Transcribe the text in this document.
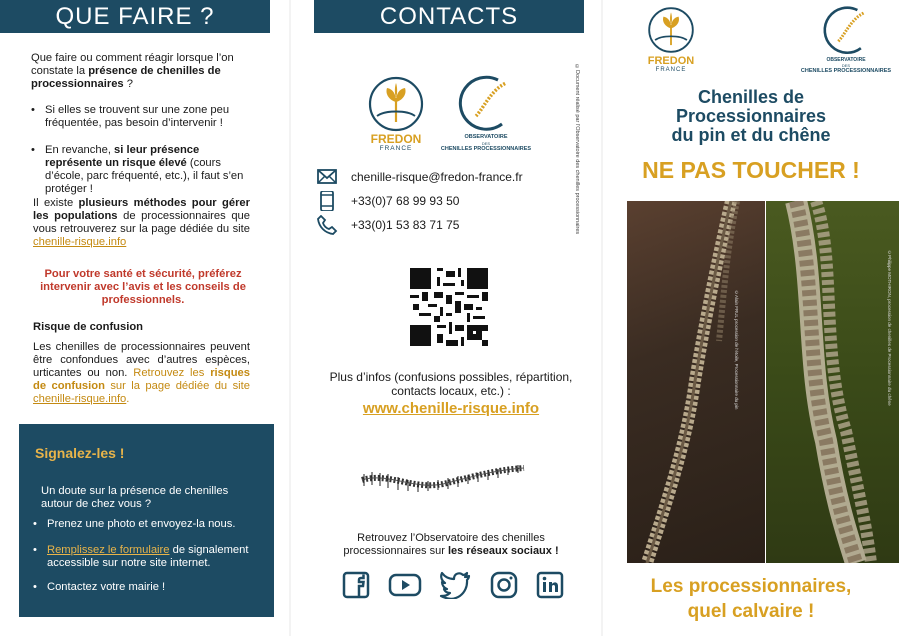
QUE FAIRE ?
Que faire ou comment réagir lorsque l’on constate la présence de chenilles de processionnaires ?
• Si elles se trouvent sur une zone peu fréquentée, pas besoin d’intervenir !
• En revanche, si leur présence représente un risque élevé (cours d’école, parc fréquenté, etc.), il faut s’en protéger !
Il existe plusieurs méthodes pour gérer les populations de processionnaires que vous retrouverez sur la page dédiée du site chenille-risque.info
Pour votre santé et sécurité, préférez intervenir avec l’avis et les conseils de professionnels.
Risque de confusion
Les chenilles de processionnaires peuvent être confondues avec d’autres espèces, urticantes ou non. Retrouvez les risques de confusion sur la page dédiée du site chenille-risque.info.
Signalez-les !
Un doute sur la présence de chenilles autour de chez vous ?
• Prenez une photo et envoyez-la nous.
• Remplissez le formulaire de signalement accessible sur notre site internet.
• Contactez votre mairie !
CONTACTS
FREDON
FRANCE
OBSERVATOIRE
DES
CHENILLES PROCESSIONNAIRES	©Document réalisé par l’Observatoire des chenilles processionnaires
chenille-risque@fredon-france.fr
+33(0)7 68 99 93 50
+33(0)1 53 83 71 75
Plus d’infos (confusions possibles, répartition, contacts locaux, etc.) :
www.chenille-risque.info
Retrouvez l’Observatoire des chenilles processionnaires sur les réseaux sociaux !
FREDON
FRANCE
OBSERVATOIRE
DES
CHENILLES PROCESSIONNAIRES
Chenilles de
Processionnaires
du pin et du chêne
NE PAS TOUCHER !
©Alain FRUL procession de l’étoile, Processionnaire du pin	©Philippe MOTHIRON, procession de chenilles de Processionnaire du chêne
Les processionnaires,
quel calvaire !
